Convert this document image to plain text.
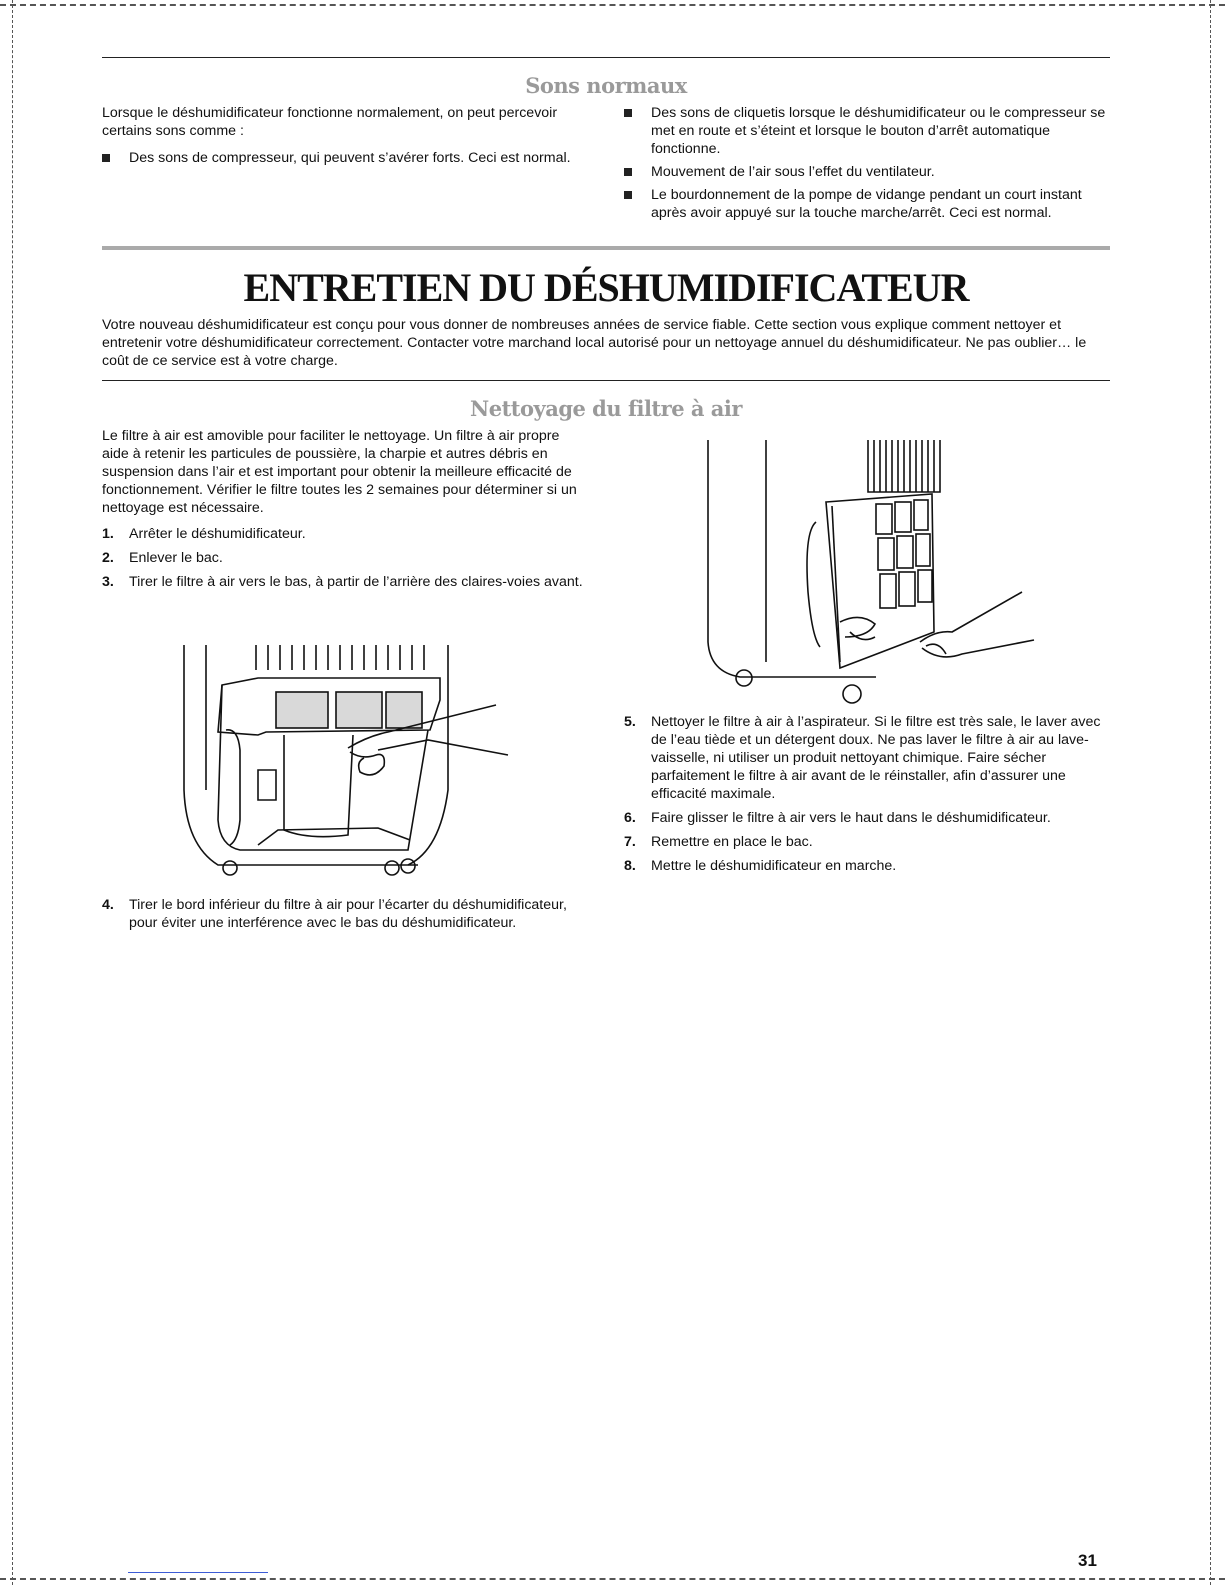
Sons normaux

Lorsque le déshumidificateur fonctionne normalement, on peut percevoir certains sons comme :

Des sons de compresseur, qui peuvent s’avérer forts. Ceci est normal.
Des sons de cliquetis lorsque le déshumidificateur ou le compresseur se met en route et s’éteint et lorsque le bouton d’arrêt automatique fonctionne.
Mouvement de l’air sous l’effet du ventilateur.
Le bourdonnement de la pompe de vidange pendant un court instant après avoir appuyé sur la touche marche/arrêt. Ceci est normal.
ENTRETIEN DU DÉSHUMIDIFICATEUR

Votre nouveau déshumidificateur est conçu pour vous donner de nombreuses années de service fiable. Cette section vous explique comment nettoyer et entretenir votre déshumidificateur correctement. Contacter votre marchand local autorisé pour un nettoyage annuel du déshumidificateur. Ne pas oublier… le coût de ce service est à votre charge.

Nettoyage du filtre à air

Le filtre à air est amovible pour faciliter le nettoyage. Un filtre à air propre aide à retenir les particules de poussière, la charpie et autres débris en suspension dans l’air et est important pour obtenir la meilleure efficacité de fonctionnement. Vérifier le filtre toutes les 2 semaines pour déterminer si un nettoyage est nécessaire.

1. Arrêter le déshumidificateur.
2. Enlever le bac.
3. Tirer le filtre à air vers le bas, à partir de l’arrière des claires-voies avant.
4. Tirer le bord inférieur du filtre à air pour l’écarter du déshumidificateur, pour éviter une interférence avec le bas du déshumidificateur.
5. Nettoyer le filtre à air à l’aspirateur. Si le filtre est très sale, le laver avec de l’eau tiède et un détergent doux. Ne pas laver le filtre à air au lave-vaisselle, ni utiliser un produit nettoyant chimique. Faire sécher parfaitement le filtre à air avant de le réinstaller, afin d’assurer une efficacité maximale.
6. Faire glisser le filtre à air vers le haut dans le déshumidificateur.
7. Remettre en place le bac.
8. Mettre le déshumidificateur en marche.
31
